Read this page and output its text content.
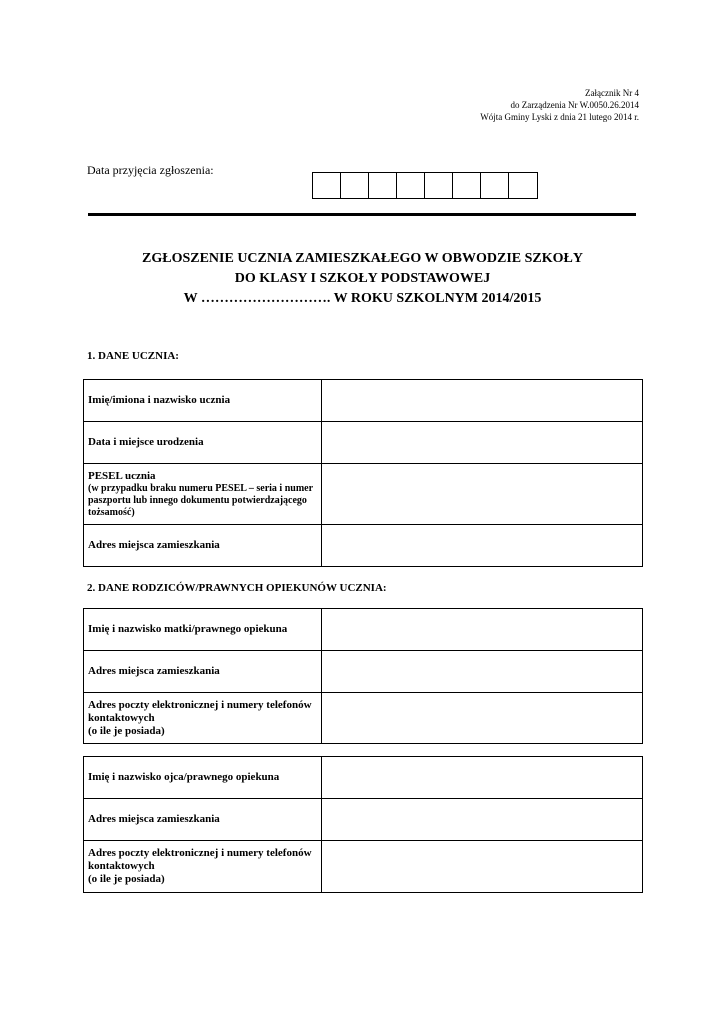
Załącznik Nr 4
do Zarządzenia Nr W.0050.26.2014
Wójta Gminy Lyski z dnia 21 lutego 2014 r.
Data przyjęcia zgłoszenia:
ZGŁOSZENIE UCZNIA ZAMIESZKAŁEGO W OBWODZIE SZKOŁY
DO KLASY I SZKOŁY PODSTAWOWEJ
W ………………………. W ROKU SZKOLNYM 2014/2015
1. DANE UCZNIA:
Imię/imiona i nazwisko ucznia	
Data i miejsce urodzenia	

PESEL ucznia
(w przypadku braku numeru PESEL – seria i numer paszportu lub innego dokumentu potwierdzającego tożsamość)	

Adres miejsca zamieszkania	
2. DANE RODZICÓW/PRAWNYCH OPIEKUNÓW UCZNIA:
Imię i nazwisko matki/prawnego opiekuna	
Adres miejsca zamieszkania	

Adres poczty elektronicznej i numery telefonów kontaktowych
(o ile je posiada)	

Imię i nazwisko ojca/prawnego opiekuna	
Adres miejsca zamieszkania	

Adres poczty elektronicznej i numery telefonów kontaktowych
(o ile je posiada)	
